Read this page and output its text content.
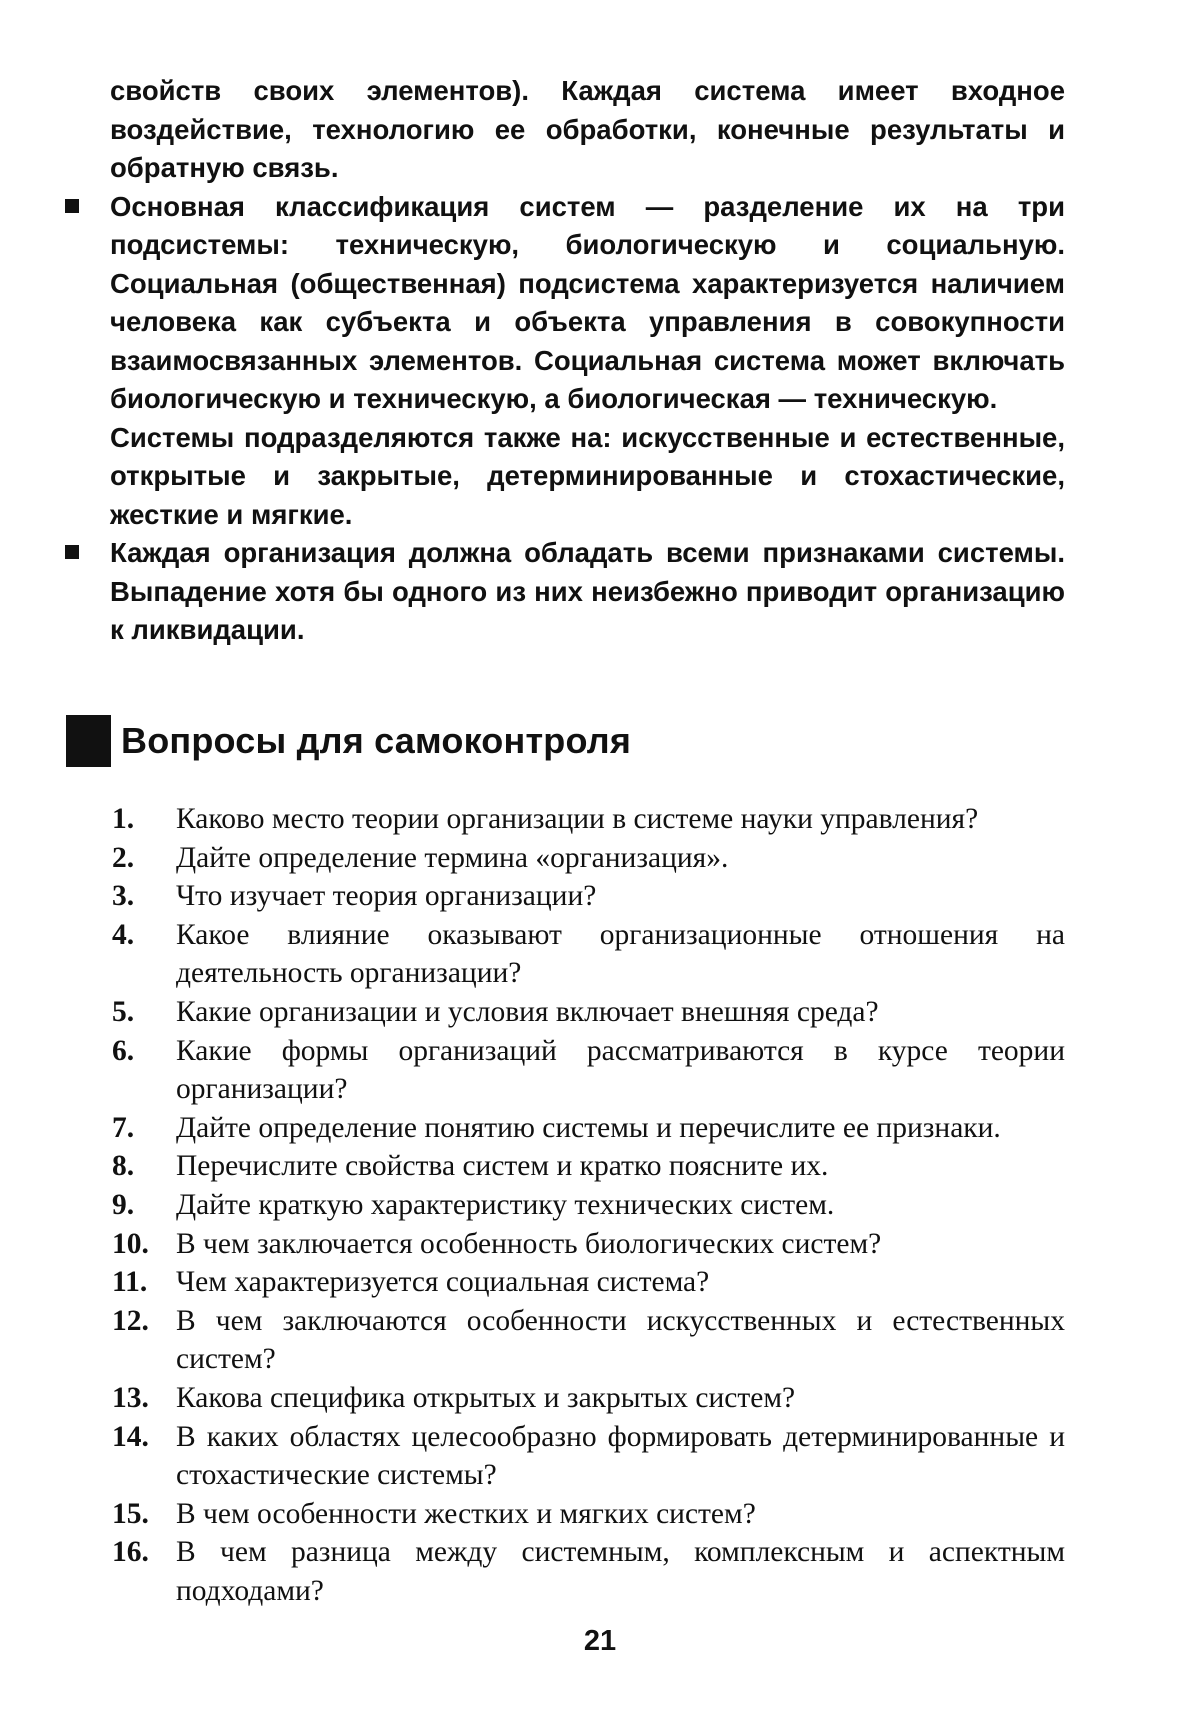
свойств своих элементов). Каждая система имеет входное воздействие, технологию ее обработки, конечные результаты и обратную связь.

Основная классификация систем — разделение их на три подсистемы: техническую, биологическую и социальную. Социальная (общественная) подсистема характеризуется наличием человека как субъекта и объекта управления в совокупности взаимосвязанных элементов. Социальная система может включать биологическую и техническую, а биологическая — техническую.

Системы подразделяются также на: искусственные и естественные, открытые и закрытые, детерминированные и стохастические, жесткие и мягкие.

Каждая организация должна обладать всеми признаками системы. Выпадение хотя бы одного из них неизбежно приводит организацию к ликвидации.

Вопросы для самоконтроля
1.	Каково место теории организации в системе науки управления?
2.	Дайте определение термина «организация».
3.	Что изучает теория организации?
4.	Какое влияние оказывают организационные отношения на деятельность организации?
5.	Какие организации и условия включает внешняя среда?
6.	Какие формы организаций рассматриваются в курсе теории организации?
7.	Дайте определение понятию системы и перечислите ее признаки.
8.	Перечислите свойства систем и кратко поясните их.
9.	Дайте краткую характеристику технических систем.
10. В чем заключается особенность биологических систем?
11. Чем характеризуется социальная система?
12. В чем заключаются особенности искусственных и естественных систем?
13. Какова специфика открытых и закрытых систем?
14. В каких областях целесообразно формировать детерминированные и стохастические системы?
15. В чем особенности жестких и мягких систем?
16. В чем разница между системным, комплексным и аспектным подходами?
21
